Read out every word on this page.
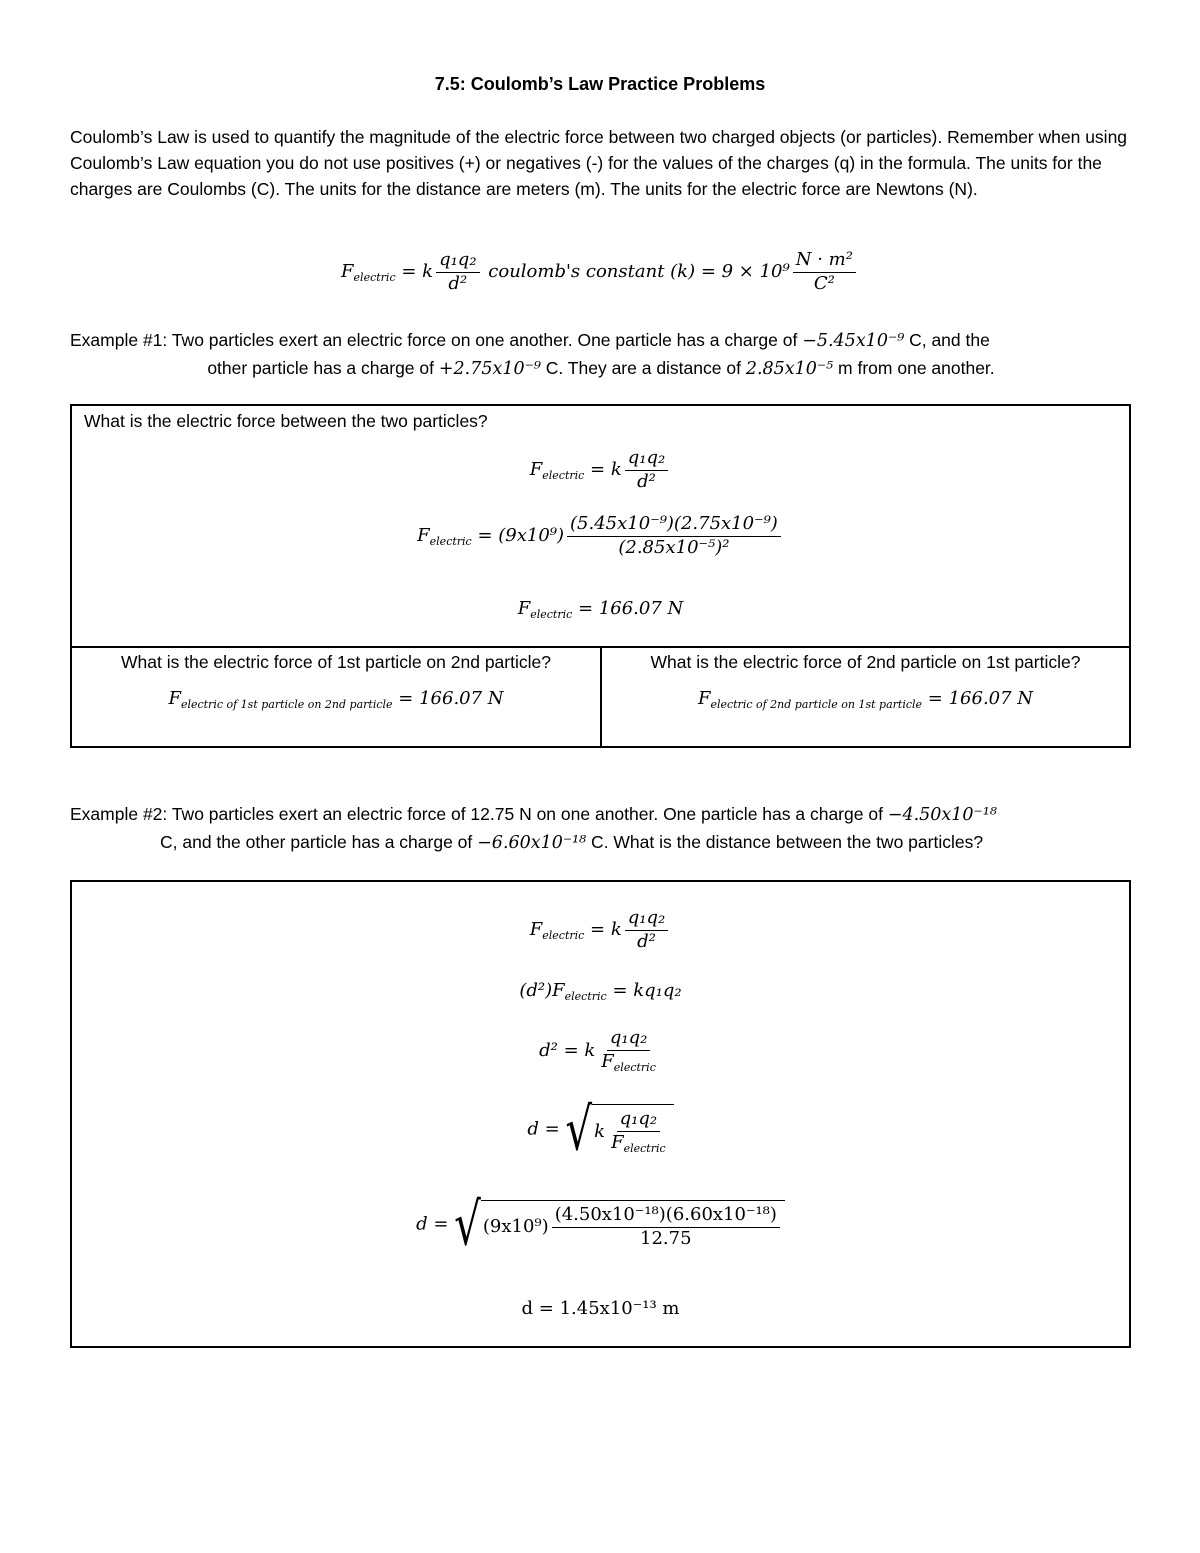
7.5: Coulomb’s Law Practice Problems
Coulomb’s Law is used to quantify the magnitude of the electric force between two charged objects (or particles). Remember when using Coulomb’s Law equation you do not use positives (+) or negatives (-) for the values of the charges (q) in the formula. The units for the charges are Coulombs (C). The units for the distance are meters (m). The units for the electric force are Newtons (N).
$F_{electric} = k \frac{\text{q₁q₂}}{\text{d²}}$ coulomb's constant $(k) = 9 \times 10^9 \frac{\text{N · m²}}{\text{C²}}$
Example #1: Two particles exert an electric force on one another. One particle has a charge of −5.45x10⁻⁹ C, and the
other particle has a charge of +2.75x10⁻⁹ C. They are a distance of 2.85x10⁻⁵ m from one another.
What is the electric force between the two particles?
$F_{electric} = k \frac{\text{q₁q₂}}{\text{d²}}$
$F_{electric} = (9x10^9) \frac{\text{(5.45x10⁻⁹)(2.75x10⁻⁹)}}{\text{(2.85x10⁻⁵)²}}$
$F_{electric} = 166.07$ N
What is the electric force of 1st particle on 2nd particle?
$F_{electric of 1st particle on 2nd particle} = 166.07$ N
What is the electric force of 2nd particle on 1st particle?
$F_{electric of 2nd particle on 1st particle} = 166.07$ N
Example #2: Two particles exert an electric force of 12.75 N on one another. One particle has a charge of −4.50x10⁻¹⁸
C, and the other particle has a charge of −6.60x10⁻¹⁸ C. What is the distance between the two particles?
$F_{electric} = k \frac{\text{q₁q₂}}{\text{d²}}$
$(d^2)F_{electric} = kq_1q_2$
d² = k $\frac{\text{q₁q₂}}{F_{electric}}$
d = √ k $\frac{\text{q₁q₂}}{F_{electric}}$
d = √ $(9x10^9) \frac{\text{(4.50x10⁻¹⁸)(6.60x10⁻¹⁸)}}{12.75}$
d = 1.45x10⁻¹³ m
